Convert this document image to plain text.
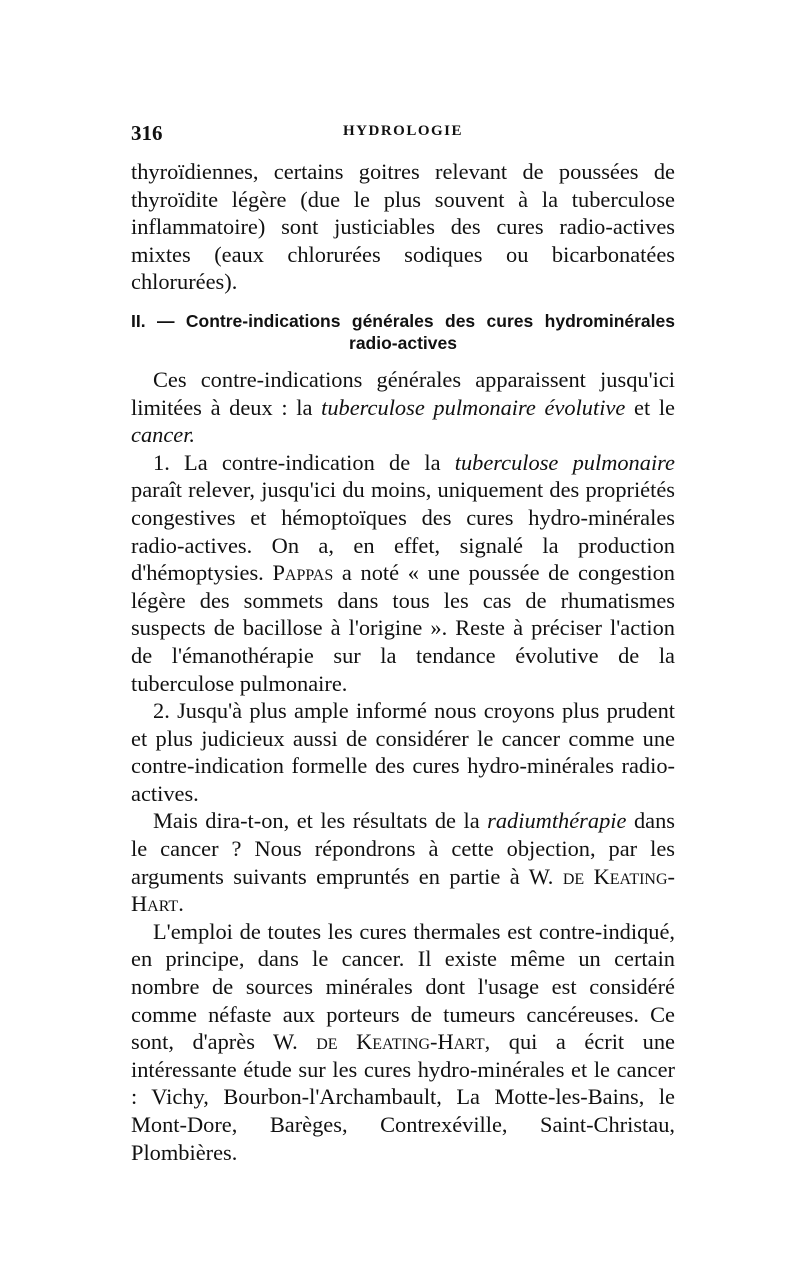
316	HYDROLOGIE

thyroïdiennes, certains goitres relevant de poussées de thyroïdite légère (due le plus souvent à la tuberculose inflammatoire) sont justiciables des cures radio-actives mixtes (eaux chlorurées sodiques ou bicarbonatées chlorurées).

II. — Contre-indications générales des cures hydrominérales
radio-actives

Ces contre-indications générales apparaissent jusqu'ici limitées à deux : la tuberculose pulmonaire évolutive et le cancer.

1. La contre-indication de la tuberculose pulmonaire paraît relever, jusqu'ici du moins, uniquement des propriétés congestives et hémoptoïques des cures hydro-minérales radio-actives. On a, en effet, signalé la production d'hémoptysies. Pappas a noté « une poussée de congestion légère des sommets dans tous les cas de rhumatismes suspects de bacillose à l'origine ». Reste à préciser l'action de l'émanothérapie sur la tendance évolutive de la tuberculose pulmonaire.

2. Jusqu'à plus ample informé nous croyons plus prudent et plus judicieux aussi de considérer le cancer comme une contre-indication formelle des cures hydro-minérales radio-actives.

Mais dira-t-on, et les résultats de la radiumthérapie dans le cancer ? Nous répondrons à cette objection, par les arguments suivants empruntés en partie à W. de Keating-Hart.

L'emploi de toutes les cures thermales est contre-indiqué, en principe, dans le cancer. Il existe même un certain nombre de sources minérales dont l'usage est considéré comme néfaste aux porteurs de tumeurs cancéreuses. Ce sont, d'après W. de Keating-Hart, qui a écrit une intéressante étude sur les cures hydro-minérales et le cancer : Vichy, Bourbon-l'Archambault, La Motte-les-Bains, le Mont-Dore, Barèges, Contrexéville, Saint-Christau, Plombières.
